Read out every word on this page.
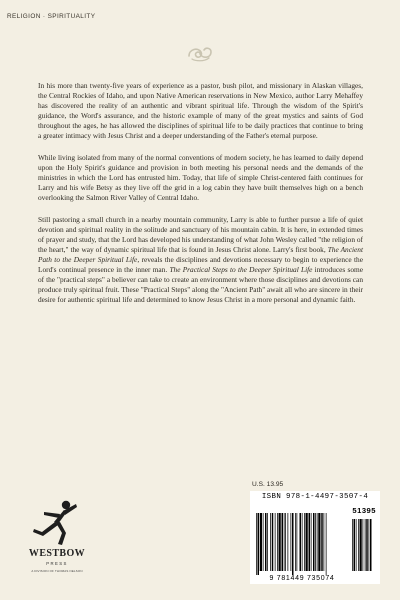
RELIGION · SPIRITUALITY

In his more than twenty-five years of experience as a pastor, bush pilot, and missionary in Alaskan villages, the Central Rockies of Idaho, and upon Native American reservations in New Mexico, author Larry Mehaffey has discovered the reality of an authentic and vibrant spiritual life. Through the wisdom of the Spirit's guidance, the Word's assurance, and the historic example of many of the great mystics and saints of God throughout the ages, he has allowed the disciplines of spiritual life to be daily practices that continue to bring a greater intimacy with Jesus Christ and a deeper understanding of the Father's eternal purpose.

While living isolated from many of the normal conventions of modern society, he has learned to daily depend upon the Holy Spirit's guidance and provision in both meeting his personal needs and the demands of the ministries in which the Lord has entrusted him. Today, that life of simple Christ-centered faith continues for Larry and his wife Betsy as they live off the grid in a log cabin they have built themselves high on a bench overlooking the Salmon River Valley of Central Idaho.

Still pastoring a small church in a nearby mountain community, Larry is able to further pursue a life of quiet devotion and spiritual reality in the solitude and sanctuary of his mountain cabin. It is here, in extended times of prayer and study, that the Lord has developed his understanding of what John Wesley called "the religion of the heart," the way of dynamic spiritual life that is found in Jesus Christ alone. Larry's first book, The Ancient Path to the Deeper Spiritual Life, reveals the disciplines and devotions necessary to begin to experience the Lord's continual presence in the inner man. The Practical Steps to the Deeper Spiritual Life introduces some of the "practical steps" a believer can take to create an environment where those disciplines and devotions can produce truly spiritual fruit. These "Practical Steps" along the "Ancient Path" await all who are sincere in their desire for authentic spiritual life and determined to know Jesus Christ in a more personal and dynamic faith.

U.S. 13.95
WESTBOW
PRESS
A DIVISION OF THOMAS NELSON
ISBN 978-1-4497-3507-4
51395
9 781449 735074
